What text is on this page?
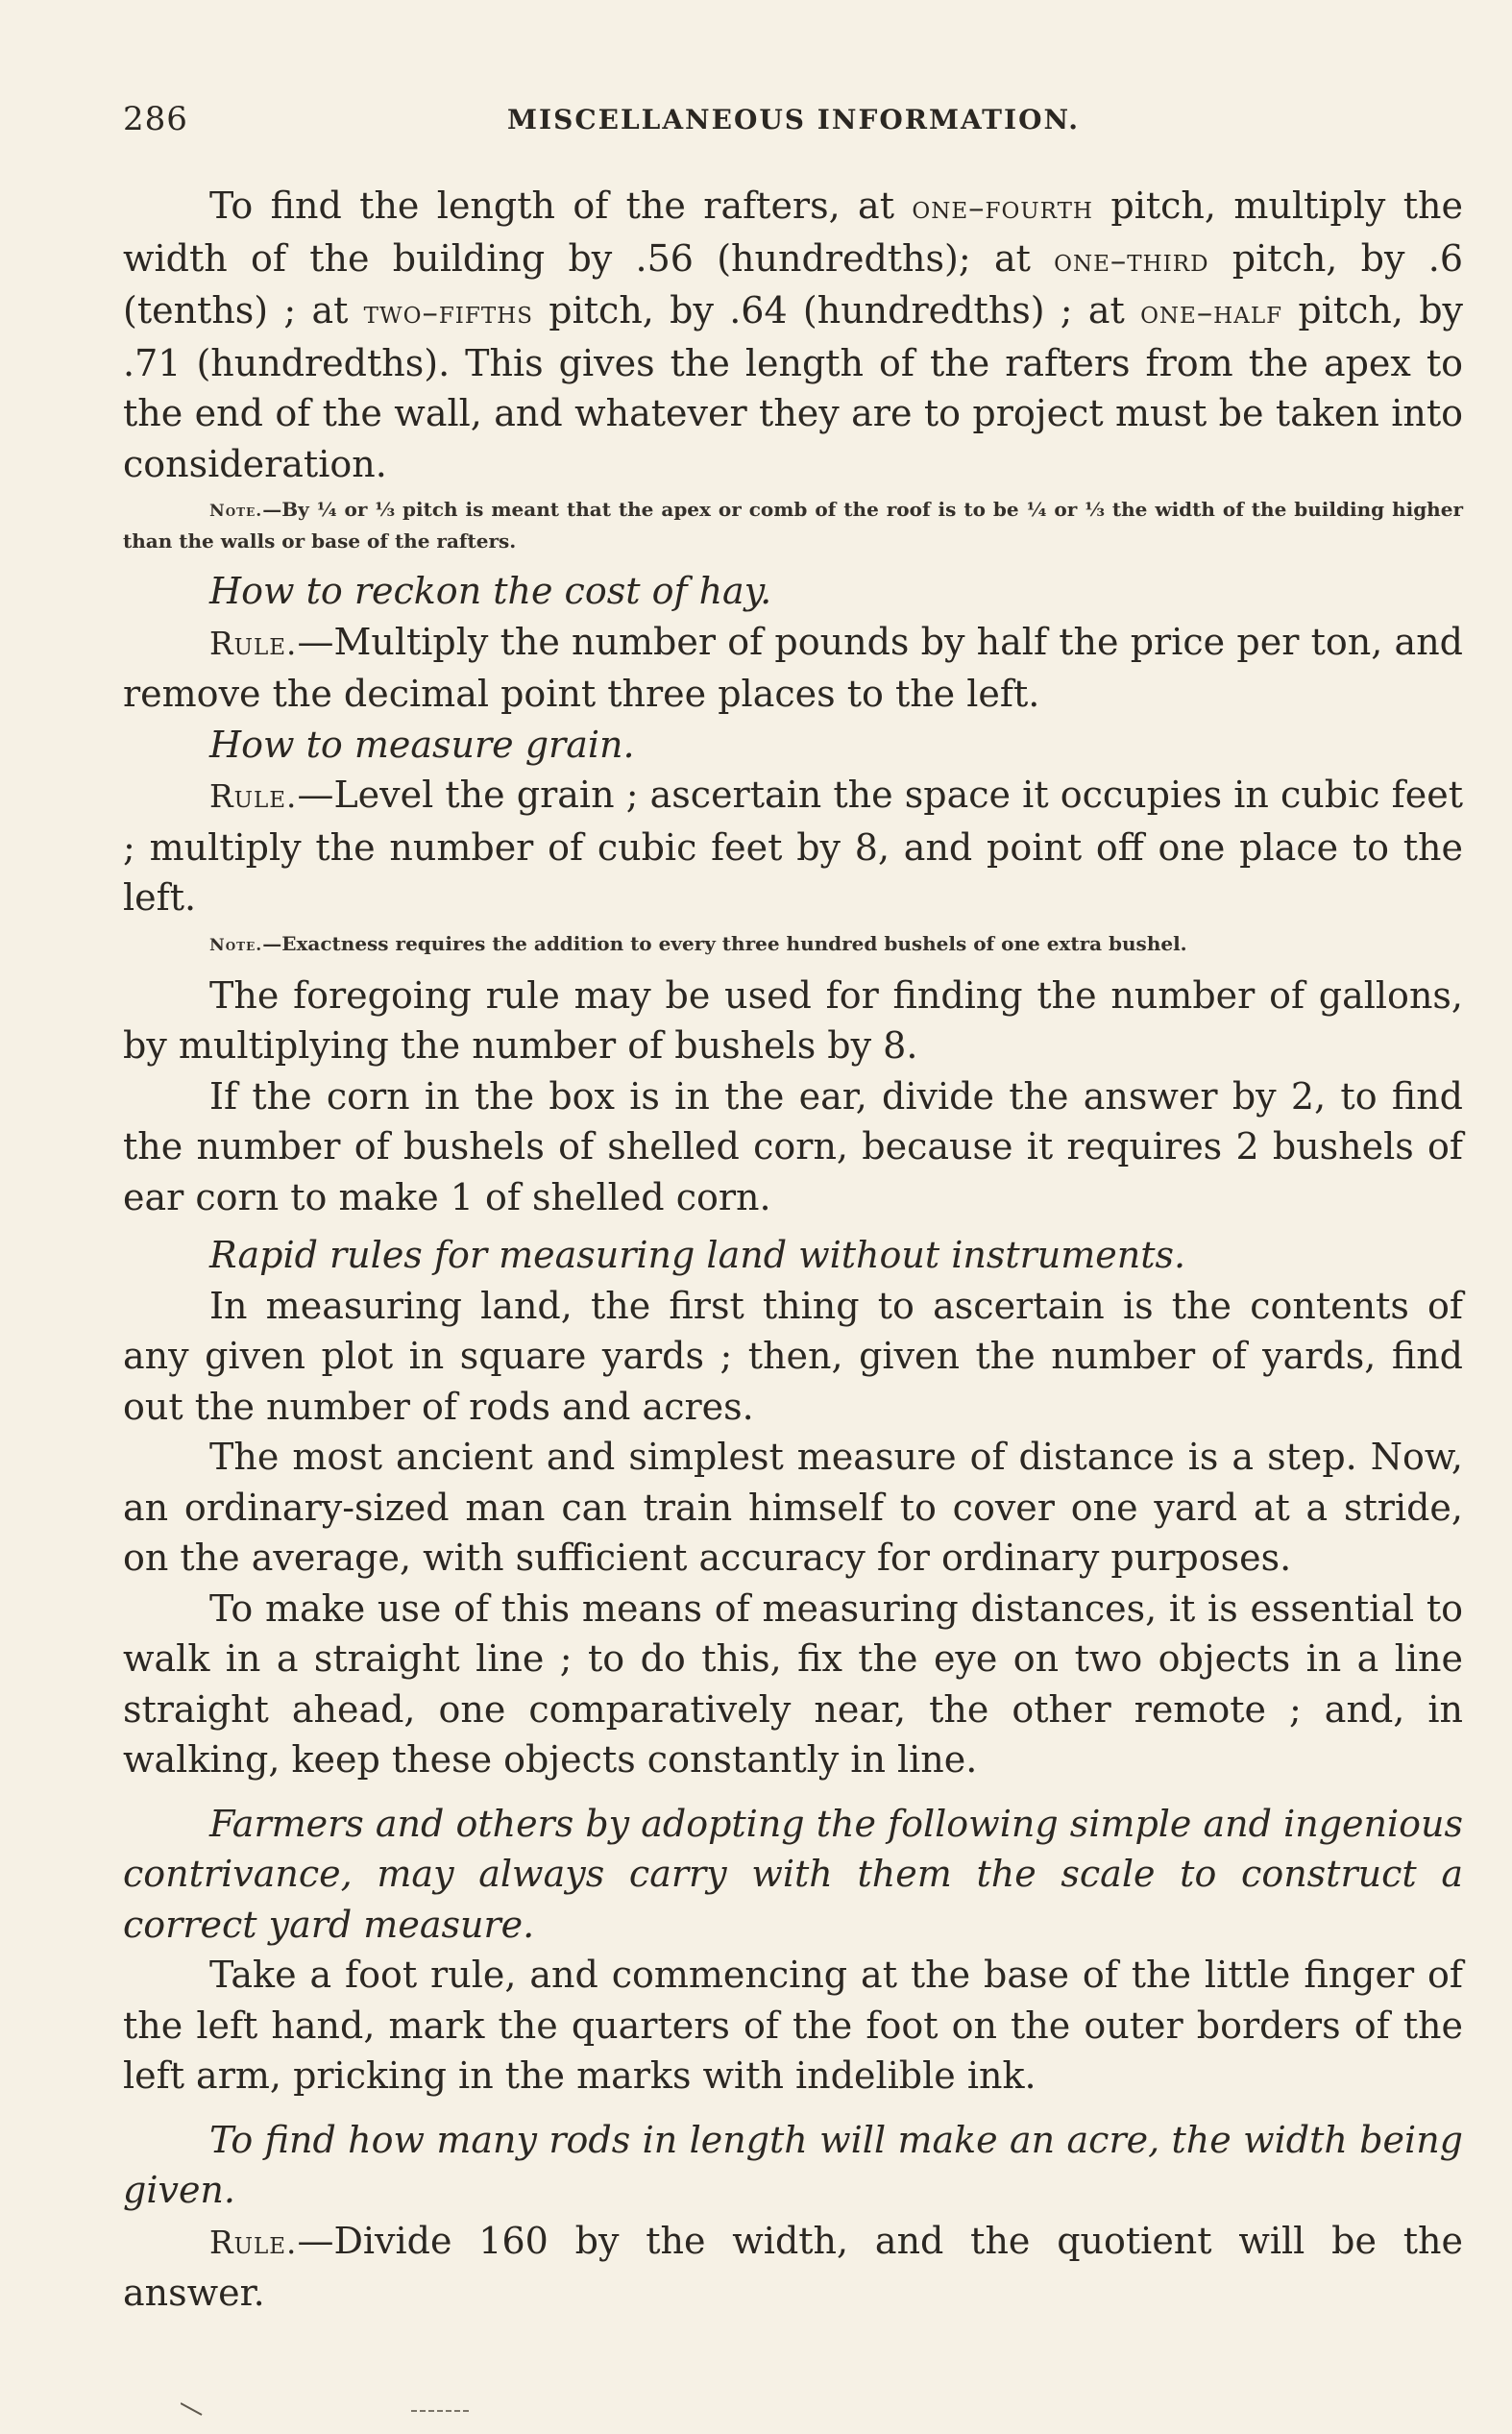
286	MISCELLANEOUS INFORMATION.

To find the length of the rafters, at one–fourth pitch, multiply the width of the building by .56 (hundredths); at one–third pitch, by .6 (tenths) ; at two–fifths pitch, by .64 (hundredths) ; at one–half pitch, by .71 (hundredths). This gives the length of the rafters from the apex to the end of the wall, and whatever they are to project must be taken into consideration.

Note.—By ¼ or ⅓ pitch is meant that the apex or comb of the roof is to be ¼ or ⅓ the width of the building higher than the walls or base of the rafters.

How to reckon the cost of hay.

Rule.—Multiply the number of pounds by half the price per ton, and remove the decimal point three places to the left.

How to measure grain.

Rule.—Level the grain ; ascertain the space it occupies in cubic feet ; multiply the number of cubic feet by 8, and point off one place to the left.

Note.—Exactness requires the addition to every three hundred bushels of one extra bushel.

The foregoing rule may be used for finding the number of gallons, by multiplying the number of bushels by 8.

If the corn in the box is in the ear, divide the answer by 2, to find the number of bushels of shelled corn, because it requires 2 bushels of ear corn to make 1 of shelled corn.

Rapid rules for measuring land without instruments.

In measuring land, the first thing to ascertain is the contents of any given plot in square yards ; then, given the number of yards, find out the number of rods and acres.

The most ancient and simplest measure of distance is a step. Now, an ordinary-sized man can train himself to cover one yard at a stride, on the average, with sufficient accuracy for ordinary purposes.

To make use of this means of measuring distances, it is essential to walk in a straight line ; to do this, fix the eye on two objects in a line straight ahead, one comparatively near, the other remote ; and, in walking, keep these objects constantly in line.

Farmers and others by adopting the following simple and ingenious contrivance, may always carry with them the scale to construct a correct yard measure.

Take a foot rule, and commencing at the base of the little finger of the left hand, mark the quarters of the foot on the outer borders of the left arm, pricking in the marks with indelible ink.

To find how many rods in length will make an acre, the width being given.

Rule.—Divide 160 by the width, and the quotient will be the answer.
